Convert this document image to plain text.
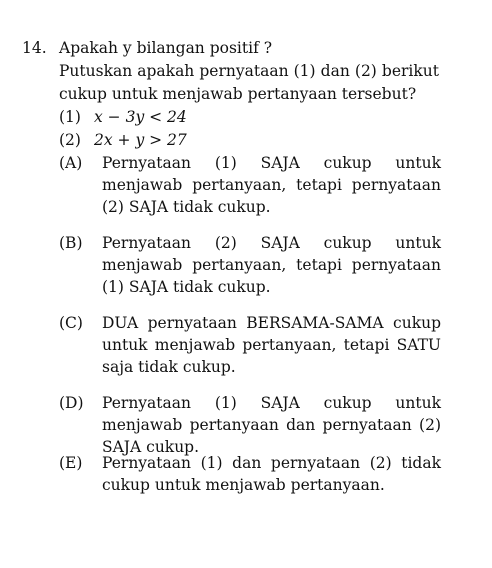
14. Apakah y bilangan positif ?
Putuskan apakah pernyataan (1) dan (2) berikut cukup untuk menjawab pertanyaan tersebut?
(1) x − 3y < 24
(2) 2x + y > 27
(A) Pernyataan (1) SAJA cukup untuk menjawab pertanyaan, tetapi pernyataan (2) SAJA tidak cukup.
(B) Pernyataan (2) SAJA cukup untuk menjawab pertanyaan, tetapi pernyataan (1) SAJA tidak cukup.
(C) DUA pernyataan BERSAMA-SAMA cukup untuk menjawab pertanyaan, tetapi SATU saja tidak cukup.
(D) Pernyataan (1) SAJA cukup untuk menjawab pertanyaan dan pernyataan (2) SAJA cukup.
(E) Pernyataan (1) dan pernyataan (2) tidak cukup untuk menjawab pertanyaan.
